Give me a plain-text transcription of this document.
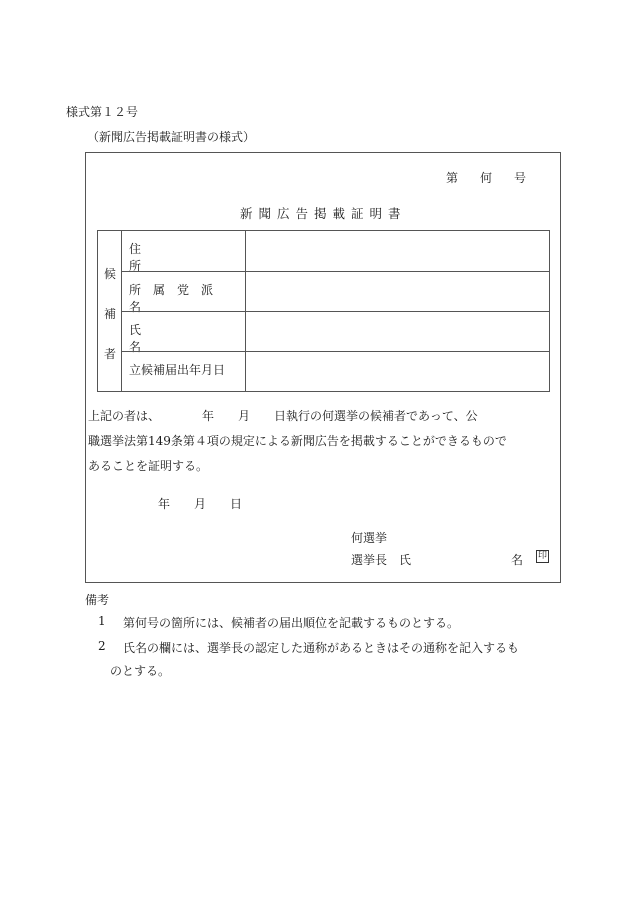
様式第１２号
（新聞広告掲載証明書の様式）
第何号
新聞広告掲載証明書
候
補
者
住所
所属党派名
氏名
立候補届出年月日
上記の者は、　　　　年　　月　　日執行の何選挙の候補者であって、公
職選挙法第149条第４項の規定による新聞広告を掲載することができるもので
あることを証明する。
年　　月　　日
何選挙
選挙長　氏	名 印
備考
1 第何号の箇所には、候補者の届出順位を記載するものとする。
2 氏名の欄には、選挙長の認定した通称があるときはその通称を記入するも
のとする。
